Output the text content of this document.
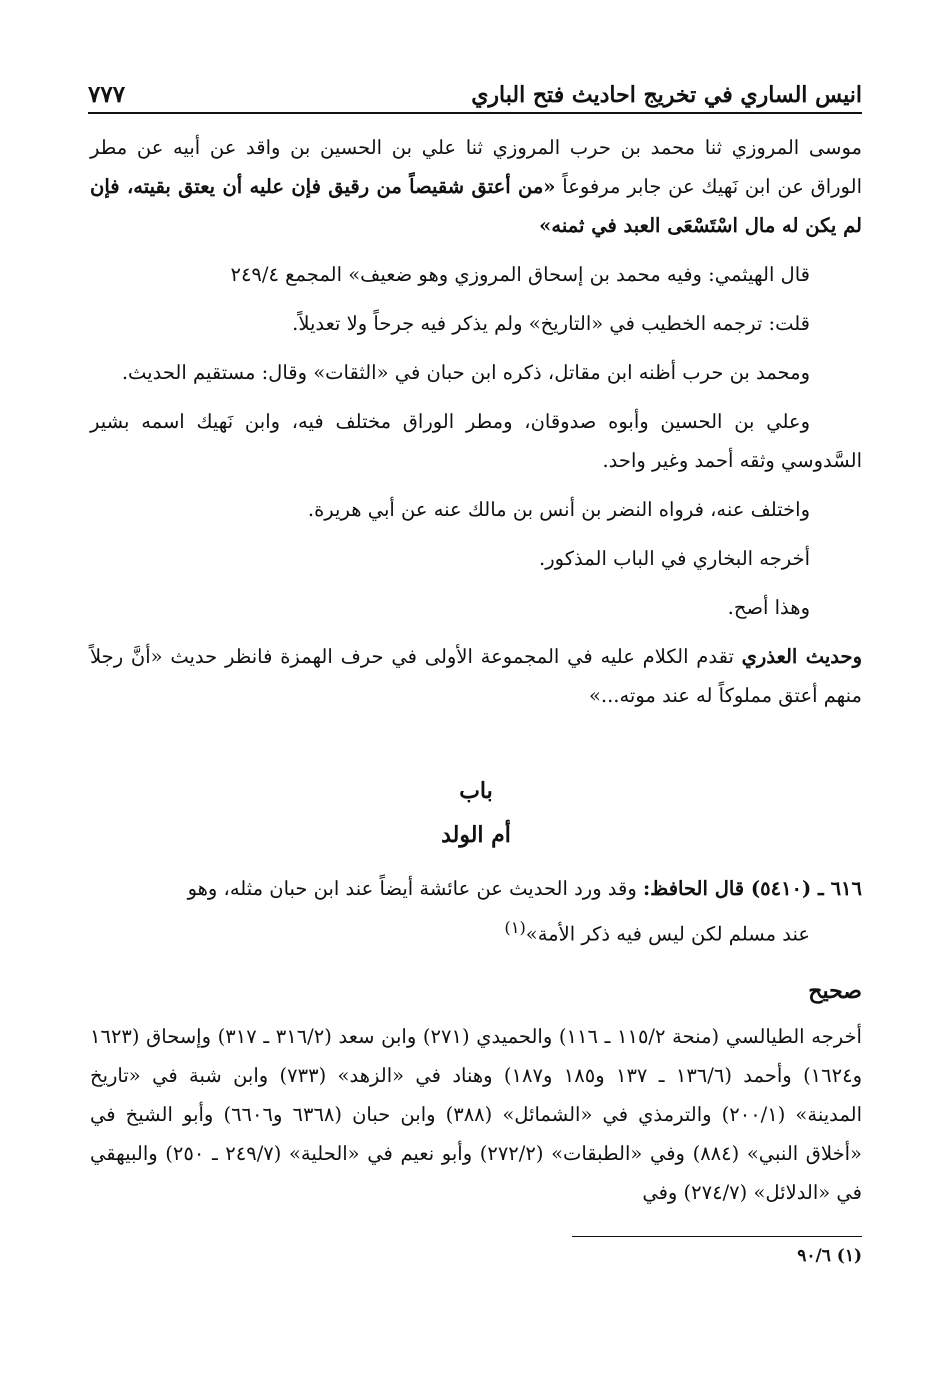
انيس الساري في تخريج احاديث فتح الباري
٧٧٧

موسى المروزي ثنا محمد بن حرب المروزي ثنا علي بن الحسين بن واقد عن أبيه عن مطر الوراق عن ابن نَهيك عن جابر مرفوعاً «من أعتق شقيصاً من رقيق فإن عليه أن يعتق بقيته، فإن لم يكن له مال اسْتَسْعَى العبد في ثمنه»

قال الهيثمي: وفيه محمد بن إسحاق المروزي وهو ضعيف» المجمع ٢٤٩/٤

قلت: ترجمه الخطيب في «التاريخ» ولم يذكر فيه جرحاً ولا تعديلاً.

ومحمد بن حرب أظنه ابن مقاتل، ذكره ابن حبان في «الثقات» وقال: مستقيم الحديث.

وعلي بن الحسين وأبوه صدوقان، ومطر الوراق مختلف فيه، وابن نَهيك اسمه بشير السَّدوسي وثقه أحمد وغير واحد.

واختلف عنه، فرواه النضر بن أنس بن مالك عنه عن أبي هريرة.

أخرجه البخاري في الباب المذكور.

وهذا أصح.

وحديث العذري تقدم الكلام عليه في المجموعة الأولى في حرف الهمزة فانظر حديث «أنَّ رجلاً منهم أعتق مملوكاً له عند موته...»

باب
أم الولد
٦١٦ ـ (٥٤١٠) قال الحافظ: وقد ورد الحديث عن عائشة أيضاً عند ابن حبان مثله، وهو
عند مسلم لكن ليس فيه ذكر الأمة»$^{(١)}$
صحيح

أخرجه الطيالسي (منحة ١١٥/٢ ـ ١١٦) والحميدي (٢٧١) وابن سعد (٣١٦/٢ ـ ٣١٧) وإسحاق (١٦٢٣ و١٦٢٤) وأحمد (١٣٦/٦ ـ ١٣٧ و١٨٥ و١٨٧) وهناد في «الزهد» (٧٣٣) وابن شبة في «تاريخ المدينة» (٢٠٠/١) والترمذي في «الشمائل» (٣٨٨) وابن حبان (٦٣٦٨ و٦٦٠٦) وأبو الشيخ في «أخلاق النبي» (٨٨٤) وفي «الطبقات» (٢٧٢/٢) وأبو نعيم في «الحلية» (٢٤٩/٧ ـ ٢٥٠) والبيهقي في «الدلائل» (٢٧٤/٧) وفي

(١) ٩٠/٦
